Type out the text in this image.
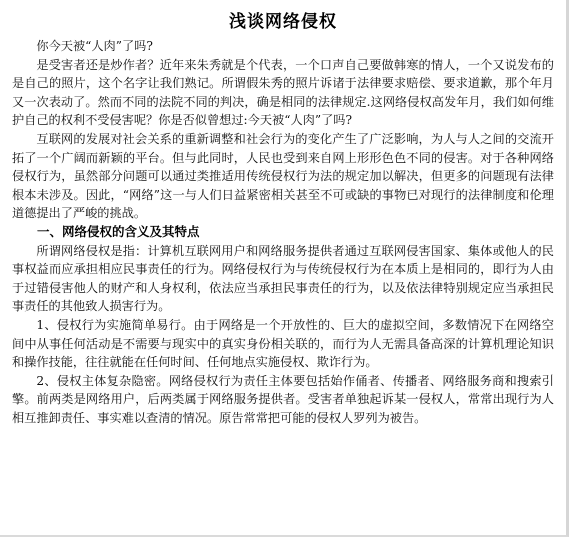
浅谈网络侵权

你今天被“人肉”了吗?

是受害者还是炒作者？近年来朱秀就是个代表，一个口声自己要做韩寒的情人，一个又说发布的是自己的照片，这个名字让我们熟记。所谓假朱秀的照片诉诸于法律要求赔偿、要求道歉，那个年月又一次表动了。然而不同的法院不同的判决，确是相同的法律规定.这网络侵权高发年月，我们如何维护自己的权利不受侵害呢？你是否似曾想过:今天被“人肉”了吗?

互联网的发展对社会关系的重新调整和社会行为的变化产生了广泛影响，为人与人之间的交流开拓了一个广阔而新颖的平台。但与此同时，人民也受到来自网上形形色色不同的侵害。对于各种网络侵权行为，虽然部分问题可以通过类推适用传统侵权行为法的规定加以解决，但更多的问题现有法律根本未涉及。因此，“网络”这一与人们日益紧密相关甚至不可或缺的事物已对现行的法律制度和伦理道德提出了严峻的挑战。

一、网络侵权的含义及其特点

所谓网络侵权是指：计算机互联网用户和网络服务提供者通过互联网侵害国家、集体或他人的民事权益而应承担相应民事责任的行为。网络侵权行为与传统侵权行为在本质上是相同的，即行为人由于过错侵害他人的财产和人身权利，依法应当承担民事责任的行为，以及依法律特别规定应当承担民事责任的其他致人损害行为。

1、侵权行为实施简单易行。由于网络是一个开放性的、巨大的虚拟空间，多数情况下在网络空间中从事任何活动是不需要与现实中的真实身份相关联的，而行为人无需具备高深的计算机理论知识和操作技能，往往就能在任何时间、任何地点实施侵权、欺诈行为。

2、侵权主体复杂隐密。网络侵权行为责任主体要包括始作俑者、传播者、网络服务商和搜索引擎。前两类是网络用户，后两类属于网络服务提供者。受害者单独起诉某一侵权人，常常出现行为人相互推卸责任、事实难以查清的情况。原告常常把可能的侵权人罗列为被告。
